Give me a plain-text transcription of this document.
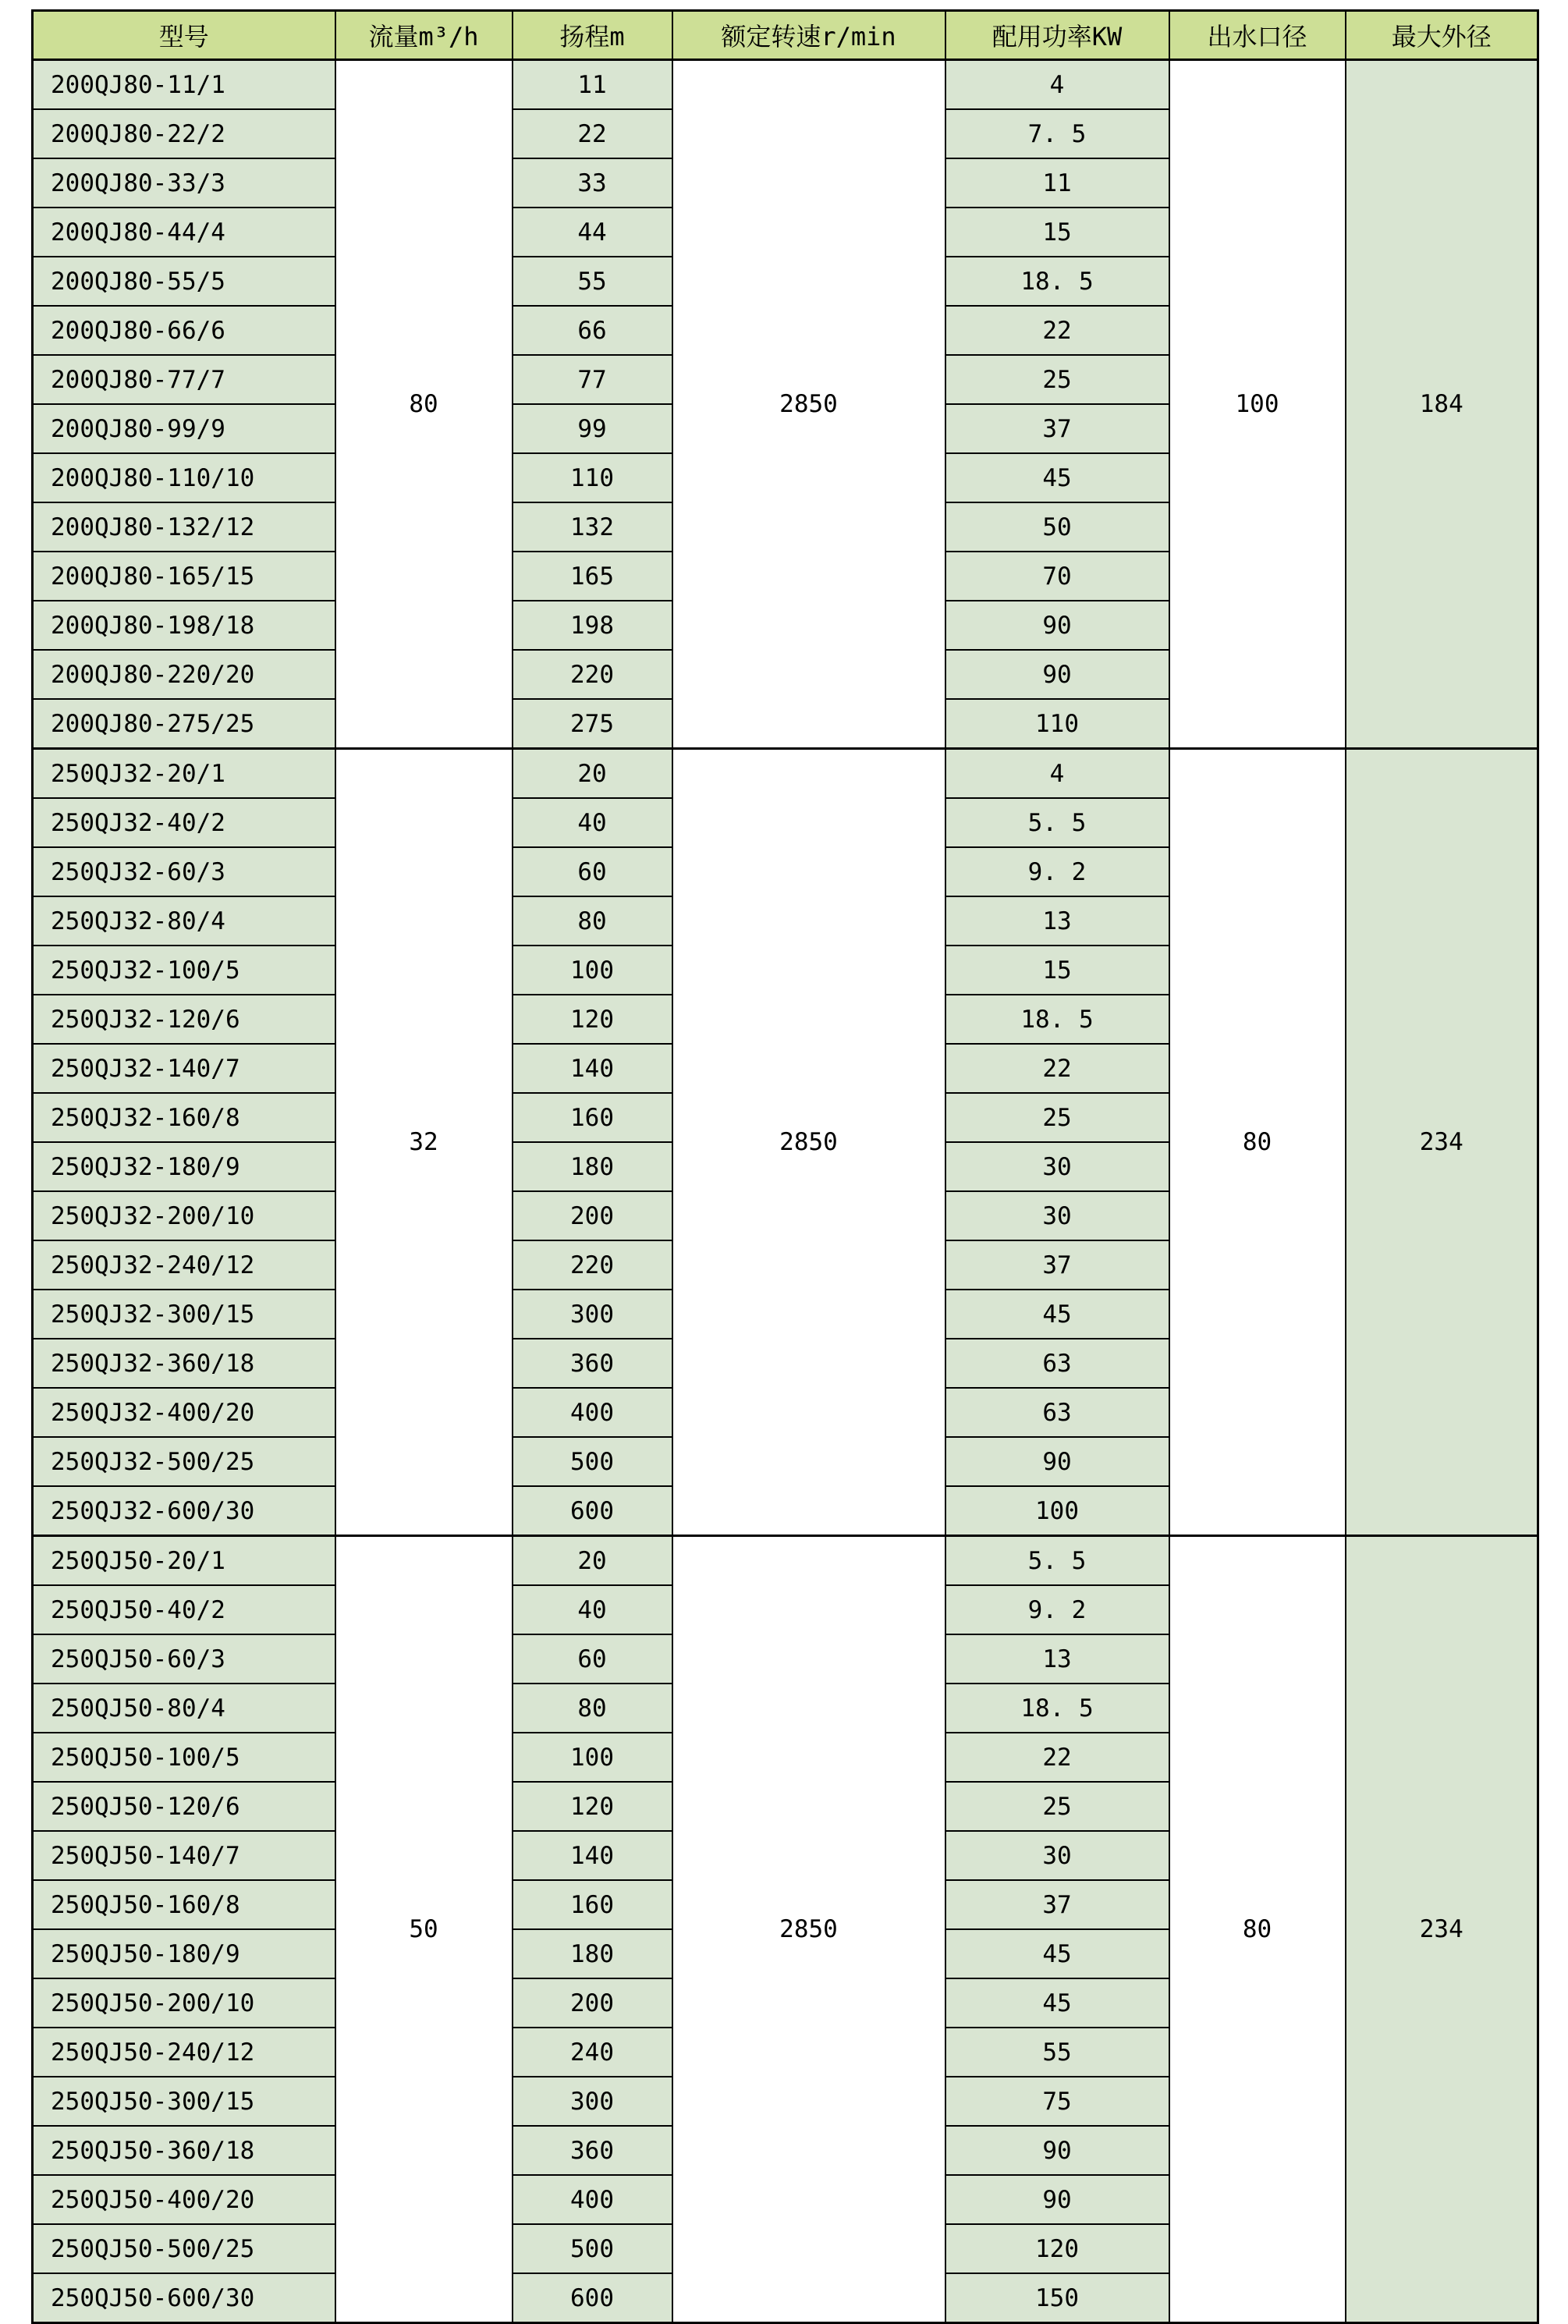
型号	流量m³/h	扬程m	额定转速r/min	配用功率KW	出水口径	最大外径
200QJ80-11/1	80	11	2850	4	100	184
200QJ80-22/2		22		7. 5		
200QJ80-33/3		33		11		
200QJ80-44/4		44		15		
200QJ80-55/5		55		18. 5		
200QJ80-66/6		66		22		
200QJ80-77/7		77		25		
200QJ80-99/9		99		37		
200QJ80-110/10		110		45		
200QJ80-132/12		132		50		
200QJ80-165/15		165		70		
200QJ80-198/18		198		90		
200QJ80-220/20		220		90		
200QJ80-275/25		275		110		
250QJ32-20/1	32	20	2850	4	80	234
250QJ32-40/2		40		5. 5		
250QJ32-60/3		60		9. 2		
250QJ32-80/4		80		13		
250QJ32-100/5		100		15		
250QJ32-120/6		120		18. 5		
250QJ32-140/7		140		22		
250QJ32-160/8		160		25		
250QJ32-180/9		180		30		
250QJ32-200/10		200		30		
250QJ32-240/12		220		37		
250QJ32-300/15		300		45		
250QJ32-360/18		360		63		
250QJ32-400/20		400		63		
250QJ32-500/25		500		90		
250QJ32-600/30		600		100		
250QJ50-20/1	50	20	2850	5. 5	80	234
250QJ50-40/2		40		9. 2		
250QJ50-60/3		60		13		
250QJ50-80/4		80		18. 5		
250QJ50-100/5		100		22		
250QJ50-120/6		120		25		
250QJ50-140/7		140		30		
250QJ50-160/8		160		37		
250QJ50-180/9		180		45		
250QJ50-200/10		200		45		
250QJ50-240/12		240		55		
250QJ50-300/15		300		75		
250QJ50-360/18		360		90		
250QJ50-400/20		400		90		
250QJ50-500/25		500		120		
250QJ50-600/30		600		150		
